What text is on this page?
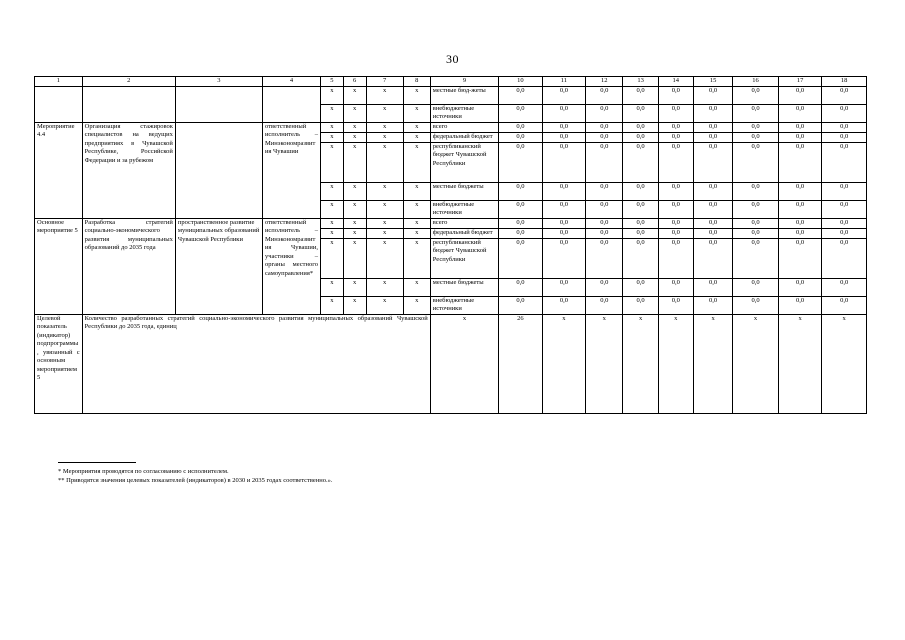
30
1	2	3	4	5	6	7	8	9	10	11	12	13	14	15	16	17	18
				x	x	x	x	местные бюд-жеты	0,0	0,0	0,0	0,0	0,0	0,0	0,0	0,0	0,0
				x	x	x	x	внебюджетные источники	0,0	0,0	0,0	0,0	0,0	0,0	0,0	0,0	0,0
Мероприятие 4.4	Организация стажировок специалистов на ведущих предприятиях в Чувашской Республике, Российской Федерации и за рубежом		ответственный исполнитель – Минэкономразвития Чувашии	x	x	x	x	всего	0,0	0,0	0,0	0,0	0,0	0,0	0,0	0,0	0,0
				x	x	x	x	федеральный бюджет	0,0	0,0	0,0	0,0	0,0	0,0	0,0	0,0	0,0
				x	x	x	x	республиканский бюджет Чувашской Республики	0,0	0,0	0,0	0,0	0,0	0,0	0,0	0,0	0,0
				x	x	x	x	местные бюджеты	0,0	0,0	0,0	0,0	0,0	0,0	0,0	0,0	0,0
				x	x	x	x	внебюджетные источники	0,0	0,0	0,0	0,0	0,0	0,0	0,0	0,0	0,0
Основное мероприятие 5	Разработка стратегий социально-экономического развития муниципальных образований до 2035 года	пространственное развитие муниципальных образований Чувашской Республики	ответственный исполнитель – Минэкономразвития Чувашии, участники – органы местного самоуправления*	x	x	x	x	всего	0,0	0,0	0,0	0,0	0,0	0,0	0,0	0,0	0,0
				x	x	x	x	федеральный бюджет	0,0	0,0	0,0	0,0	0,0	0,0	0,0	0,0	0,0
				x	x	x	x	республиканский бюджет Чувашской Республики	0,0	0,0	0,0	0,0	0,0	0,0	0,0	0,0	0,0
				x	x	x	x	местные бюджеты	0,0	0,0	0,0	0,0	0,0	0,0	0,0	0,0	0,0
				x	x	x	x	внебюджетные источники	0,0	0,0	0,0	0,0	0,0	0,0	0,0	0,0	0,0
Целевой показатель (индикатор) подпрограммы, увязанный с основным мероприятием 5	Количество разработанных стратегий социально-экономического развития муниципальных образований Чувашской Республики до 2035 года, единиц							x	26	x	x	x	x	x	x	x	x
* Мероприятия проводятся по согласованию с исполнителем.
** Приводятся значения целевых показателей (индикаторов) в 2030 и 2035 годах соответственно.».
